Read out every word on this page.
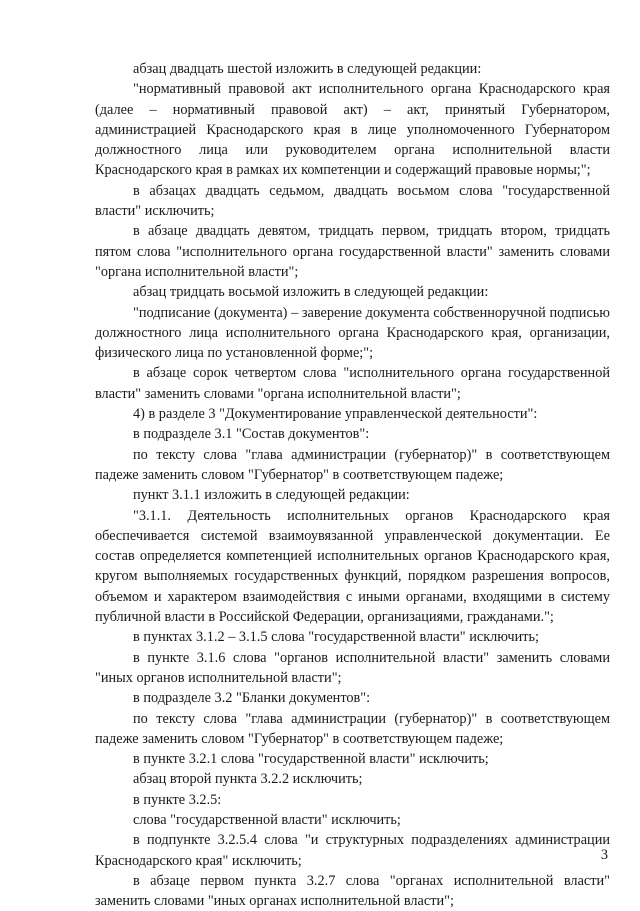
абзац двадцать шестой изложить в следующей редакции:

"нормативный правовой акт исполнительного органа Краснодарского края (далее – нормативный правовой акт) – акт, принятый Губернатором, администрацией Краснодарского края в лице уполномоченного Губернатором должностного лица или руководителем органа исполнительной власти Краснодарского края в рамках их компетенции и содержащий правовые нормы;";

в абзацах двадцать седьмом, двадцать восьмом слова "государственной власти" исключить;

в абзаце двадцать девятом, тридцать первом, тридцать втором, тридцать пятом слова "исполнительного органа государственной власти" заменить словами "органа исполнительной власти";

абзац тридцать восьмой изложить в следующей редакции:

"подписание (документа) – заверение документа собственноручной подписью должностного лица исполнительного органа Краснодарского края, организации, физического лица по установленной форме;";

в абзаце сорок четвертом слова "исполнительного органа государственной власти" заменить словами "органа исполнительной власти";

4) в разделе 3 "Документирование управленческой деятельности":

в подразделе 3.1 "Состав документов":

по тексту слова "глава администрации (губернатор)" в соответствующем падеже заменить словом "Губернатор" в соответствующем падеже;

пункт 3.1.1 изложить в следующей редакции:

"3.1.1. Деятельность исполнительных органов Краснодарского края обеспечивается системой взаимоувязанной управленческой документации. Ее состав определяется компетенцией исполнительных органов Краснодарского края, кругом выполняемых государственных функций, порядком разрешения вопросов, объемом и характером взаимодействия с иными органами, входящими в систему публичной власти в Российской Федерации, организациями, гражданами.";

в пунктах 3.1.2 – 3.1.5 слова "государственной власти" исключить;

в пункте 3.1.6 слова "органов исполнительной власти" заменить словами "иных органов исполнительной власти";

в подразделе 3.2 "Бланки документов":

по тексту слова "глава администрации (губернатор)" в соответствующем падеже заменить словом "Губернатор" в соответствующем падеже;

в пункте 3.2.1 слова "государственной власти" исключить;

абзац второй пункта 3.2.2 исключить;

в пункте 3.2.5:

слова "государственной власти" исключить;

в подпункте 3.2.5.4 слова "и структурных подразделениях администрации Краснодарского края" исключить;

в абзаце первом пункта 3.2.7 слова "органах исполнительной власти" заменить словами "иных органах исполнительной власти";

3
